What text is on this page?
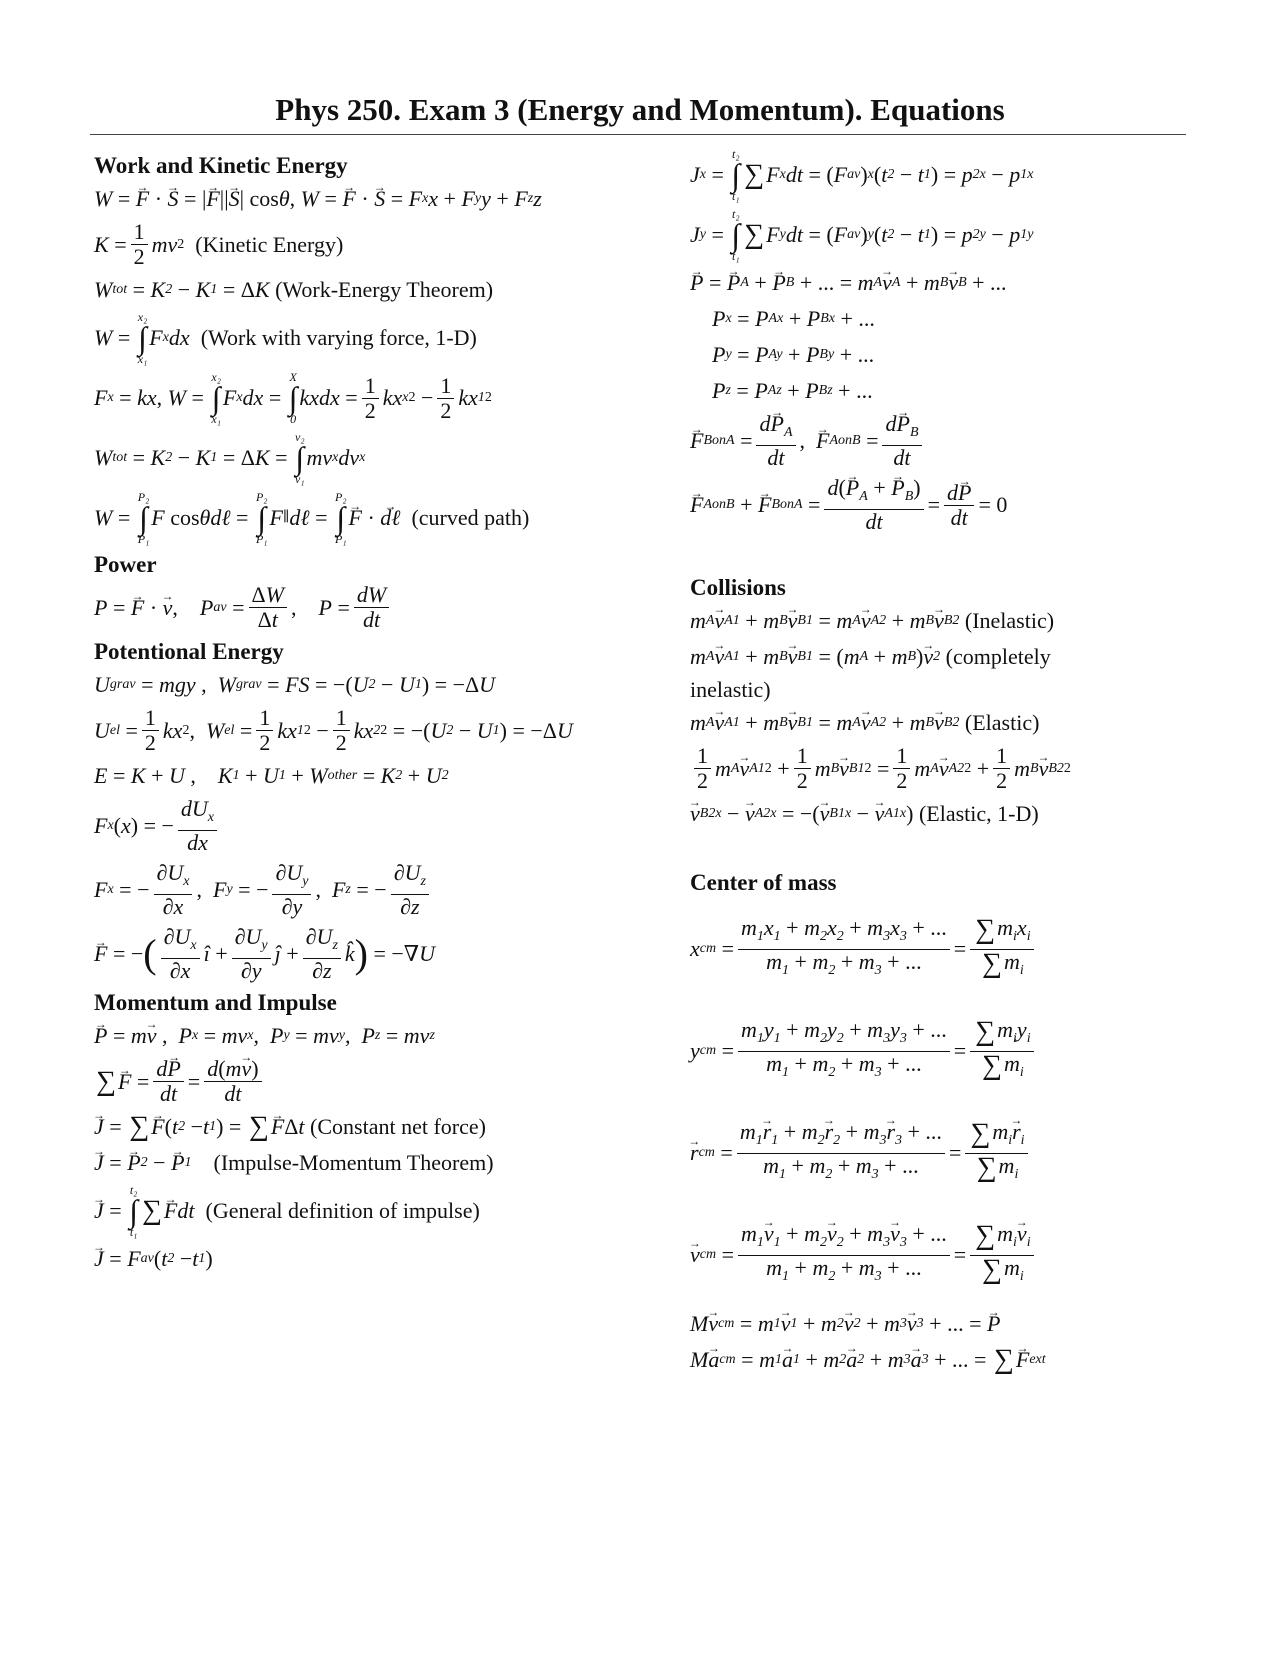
Phys 250. Exam 3 (Energy and Momentum). Equations
Work and Kinetic Energy
W = → F · → S = | → F || → S | cos θ , W = → F · → S = F x x + F y y + F z z
$K = \frac{1}{2}$ mv 2
(Kinetic Energy)
W tot = K 2 − K 1 = Δ K
(Work-Energy Theorem)
W =
x₂
∫
x₁
F x dx
(Work with varying force, 1-D)
F x = kx , W =
x₂
∫
x₁
F x dx =
X
∫
0
kxdx = $\frac{1}{2}$ kx x $2 - \frac{1}{2}$ kx 1 2
W tot = K 2 − K 1 = Δ K =
v₂
∫
v₁
mv x dv x
W =
P₂
∫
P₁
F cos θdℓ =
P₂
∫
P₁
F ∥ dℓ =
P₂
∫
P₁
→ F · → dℓ
(curved path)
Power
P = → F · → v , P av = $\frac{\Delta W}{\Delta t}$ , $P = \frac{dW}{dt}$
Potentional Energy
U grav = mgy , W grav = FS = −( U 2 − U 1 ) = −Δ U
U el = $\frac{1}{2}$ kx 2 , W el = $\frac{1}{2}$ kx 1 $2 - \frac{1}{2}$ kx 2 2 = −( U 2 − U 1 ) = −Δ U
E = K + U , K 1 + U 1 + W other = K 2 + U 2
F x ( x ) = − $\frac{dU_x}{dx}$
F x = − $\frac{\partial U_x}{\partial x}$ , F y = − $\frac{\partial U_y}{\partial y}$ , F z = − $\frac{\partial U_z}{\partial z}$
→ F = − ( $\frac{\partial U_x}{\partial x}$ î + $\frac{\partial U_y}{\partial y}$ ĵ + $\frac{\partial U_z}{\partial z}$ k̂ ) = −∇ U
Momentum and Impulse
→ P = m → v , P x = mv x , P y = mv y , P z = mv z
∑ → $F = \frac{d\to P}{dt} = \frac{d(m\to v)}{dt}$
→ J = ∑ → F ( t 2 − t 1 ) = ∑ → F Δ t
(Constant net force)
→ J = → P 2 − → P 1
(Impulse-Momentum Theorem)
→ J =
t₂
∫
t₁
∑ → F dt
(General definition of impulse)
→ J = F av ( t 2 − t 1 )
J x =
t₂
∫
t₁
∑ F x dt = ( F av ) x ( t 2 − t 1 ) = p 2x − p 1x
J y =
t₂
∫
t₁
∑ F y dt = ( F av ) y ( t 2 − t 1 ) = p 2y − p 1y
→ P = → P A + → P B + ... = m A → v A + m B → v B + ...
P x = P Ax + P Bx + ...
P y = P Ay + P By + ...
P z = P Az + P Bz + ...
→ F BonA = $\frac{d\to P_A}{dt}$ , → F AonB = $\frac{d\to P_B}{dt}$
→ F AonB + → F BonA = $\frac{d(\to P_A + \to P_B)}{dt} = \frac{d\to P}{dt} = 0$
Collisions
m A → v A1 + m B → v B1 = m A → v A2 + m B → v B2
(Inelastic)
m A → v A1 + m B → v B1 = ( m A + m B ) → v 2
(completely
inelastic)
m A → v A1 + m B → v B1 = m A → v A2 + m B → v B2
(Elastic)
$\frac{1}{2}$ m A → v A1 $2 + \frac{1}{2}$ m B → v B1 $2 = \frac{1}{2}$ m A → v A2 $2 + \frac{1}{2}$ m B → v B2 2
→ v B2x − → v A2x = −( → v B1x − → v A1x ) (Elastic, 1-D)
Center of mass
x cm = $\frac{m_1x_1 + m_2x_2 + m_3x_3 + ...}{m_1 + m_2 + m_3 + ...} = \frac{\sum m_ix_i}{\sum m_i}$
y cm = $\frac{m_1y_1 + m_2y_2 + m_3y_3 + ...}{m_1 + m_2 + m_3 + ...} = \frac{\sum m_iy_i}{\sum m_i}$
→ r cm = $\frac{m_1\to r_1 + m_2\to r_2 + m_3\to r_3 + ...}{m_1 + m_2 + m_3 + ...} = \frac{\sum m_i\to r_i}{\sum m_i}$
→ v cm = $\frac{m_1\to v_1 + m_2\to v_2 + m_3\to v_3 + ...}{m_1 + m_2 + m_3 + ...} = \frac{\sum m_i\to v_i}{\sum m_i}$
M → v cm = m 1 → v 1 + m 2 → v 2 + m 3 → v 3 + ... = → P
M → a cm = m 1 → a 1 + m 2 → a 2 + m 3 → a 3 + ... = ∑ → F ext
